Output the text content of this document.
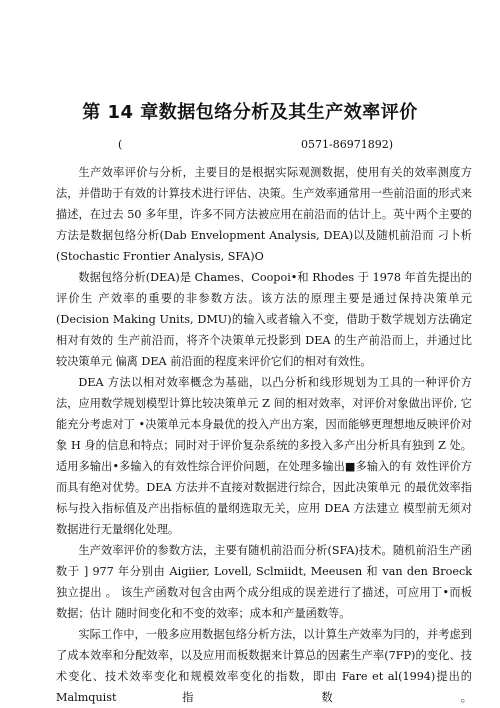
第 14 章数据包络分析及其生产效率评价
(	0571-86971892)

生产效率评价与分析，主要目的是根据实际观测数据，使用有关的效率测度方法，并借助于有效的计算技术进行评估、决策。生产效率通常用一些前沿面的形式来描述，在过去 50 多年里，许多不同方法被应用在前沿而的估计上。英屮两个主要的方法是数据包络分析(Dab Envelopment Analysis, DEA)以及随机前沿而 刁卜析(Stochastic Frontier Analysis, SFA)O

数据包络分析(DEA)是 Chames、Coopoi•和 Rhodes 于 1978 年首先提出的评价生 产效率的重要的非参数方法。该方法的原理主要是通过保持决策单元(Decision Making Units, DMU)的输入或者输入不变，借助于数学规划方法确定相对有效的 生产前沿而，将齐个决策单元投影到 DEA 的生产前沿而上，并通过比较决策单元 偏离 DEA 前沿面的程度来评价它们的相对有效性。

DEA 方法以相对效率概念为基础，以凸分析和线形规划为工具的一种评价方法，应用数学规划模型计算比较决策单元 Z 间的相对效率，对评价对象做出评价, 它能充分考虑对丁 •决策单元本身最优的投入产出方案，因而能够更理想地反映评价对象 H 身的信息和特点；同时对于评价复杂系统的多投入多产出分析具有独到 Z 处。适用多输出•多输入的有效性综合评价问题，在处理多输出■多输入的有 效性评价方而具有绝对优势。DEA 方法并不直接对数据进行综合，因此决策单元 的最优效率指标与投入指标值及产出指标值的量纲选取无关，应用 DEA 方法建立 模型前无须对数据进行无量纲化处理。

生产效率评价的参数方法，主要有随机前沿而分析(SFA)技术。随机前沿生产函数于 ] 977 年分别由 Aigiier, Lovell, Sclmiidt, Meeusen 和 van den Broeck 独立提出 。 该生产函数对包含由两个成分组成的误差进行了描述，可应用丁•而板数据；估计 随时间变化和不变的效率；成本和产量函数等。

实际工作中，一般多应用数据包络分析方法，以计算生产效率为冃的，并考虑到了成本效率和分配效率，以及应用而板数据来计算总的因素生产率(7FP)的变化、技术变化、技术效率变化和规模效率变化的指数，即由 Fare et al(1994)提出的 Malmquist 指 数 。
